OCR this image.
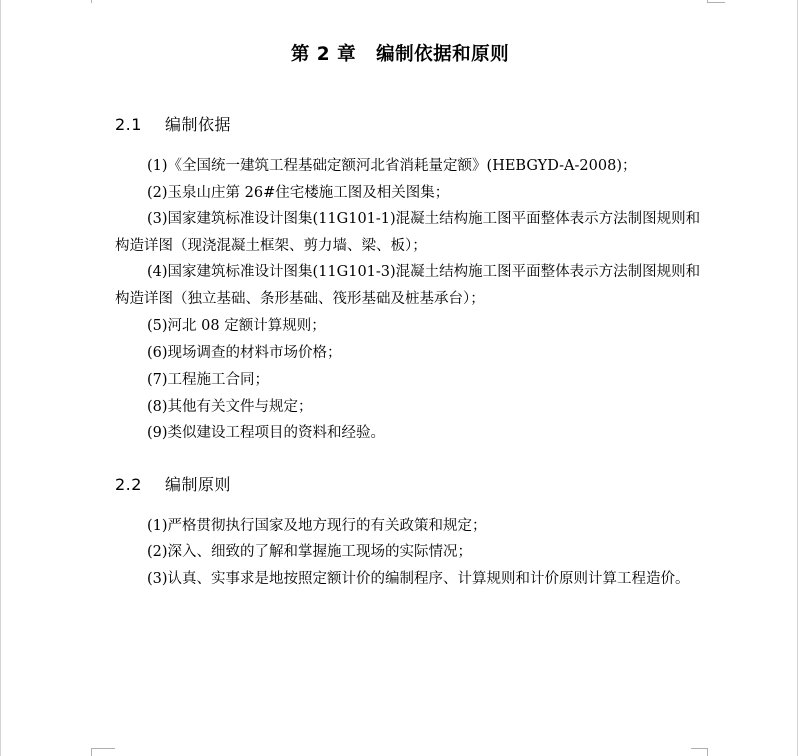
第 2 章 编制依据和原则
2.1 编制依据

(1)《全国统一建筑工程基础定额河北省消耗量定额》(HEBGYD-A-2008)；

(2)玉泉山庄第 26#住宅楼施工图及相关图集；

(3)国家建筑标准设计图集(11G101-1)混凝土结构施工图平面整体表示方法制图规则和构造详图（现浇混凝土框架、剪力墙、梁、板）；

(4)国家建筑标准设计图集(11G101-3)混凝土结构施工图平面整体表示方法制图规则和构造详图（独立基础、条形基础、筏形基础及桩基承台）；

(5)河北 08 定额计算规则；

(6)现场调查的材料市场价格；

(7)工程施工合同；

(8)其他有关文件与规定；

(9)类似建设工程项目的资料和经验。

2.2 编制原则

(1)严格贯彻执行国家及地方现行的有关政策和规定；

(2)深入、细致的了解和掌握施工现场的实际情况；

(3)认真、实事求是地按照定额计价的编制程序、计算规则和计价原则计算工程造价。
